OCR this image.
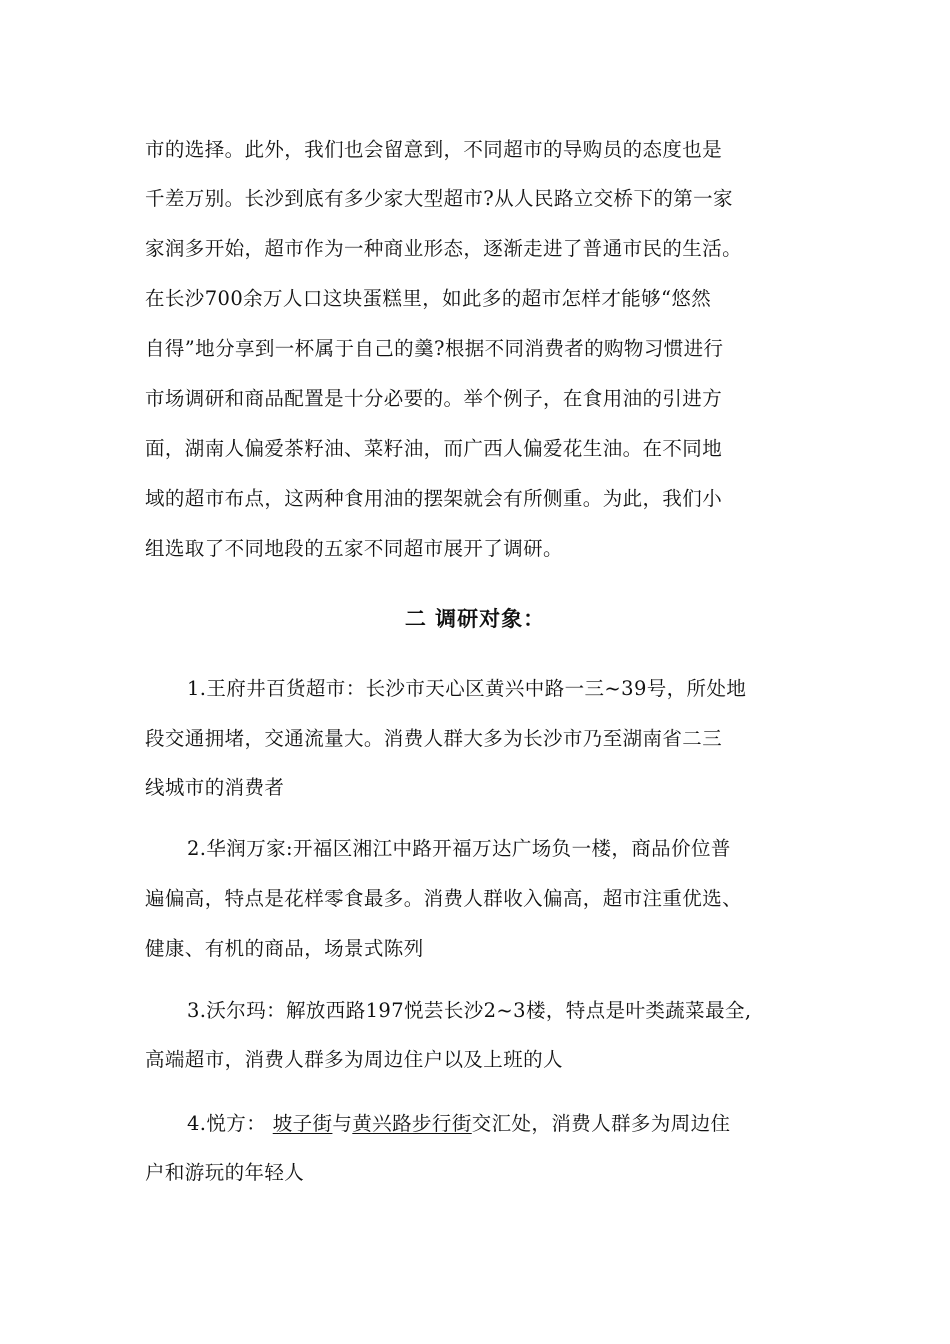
市的选择。此外，我们也会留意到，不同超市的导购员的态度也是
千差万别。长沙到底有多少家大型超市?从人民路立交桥下的第一家
家润多开始，超市作为一种商业形态，逐渐走进了普通市民的生活。
在长沙700余万人口这块蛋糕里，如此多的超市怎样才能够“悠然
自得”地分享到一杯属于自己的羹?根据不同消费者的购物习惯进行
市场调研和商品配置是十分必要的。举个例子，在食用油的引进方
面，湖南人偏爱茶籽油、菜籽油，而广西人偏爱花生油。在不同地
域的超市布点，这两种食用油的摆架就会有所侧重。为此，我们小
组选取了不同地段的五家不同超市展开了调研。
二 调研对象：
1.王府井百货超市：长沙市天心区黄兴中路一三~39号，所处地
段交通拥堵，交通流量大。消费人群大多为长沙市乃至湖南省二三
线城市的消费者
2.华润万家:开福区湘江中路开福万达广场负一楼，商品价位普
遍偏高，特点是花样零食最多。消费人群收入偏高，超市注重优选、
健康、有机的商品，场景式陈列
3.沃尔玛：解放西路197悦芸长沙2~3楼，特点是叶类蔬菜最全,
高端超市，消费人群多为周边住户以及上班的人
4.悦方： 坡子街与黄兴路步行街交汇处，消费人群多为周边住
户和游玩的年轻人
